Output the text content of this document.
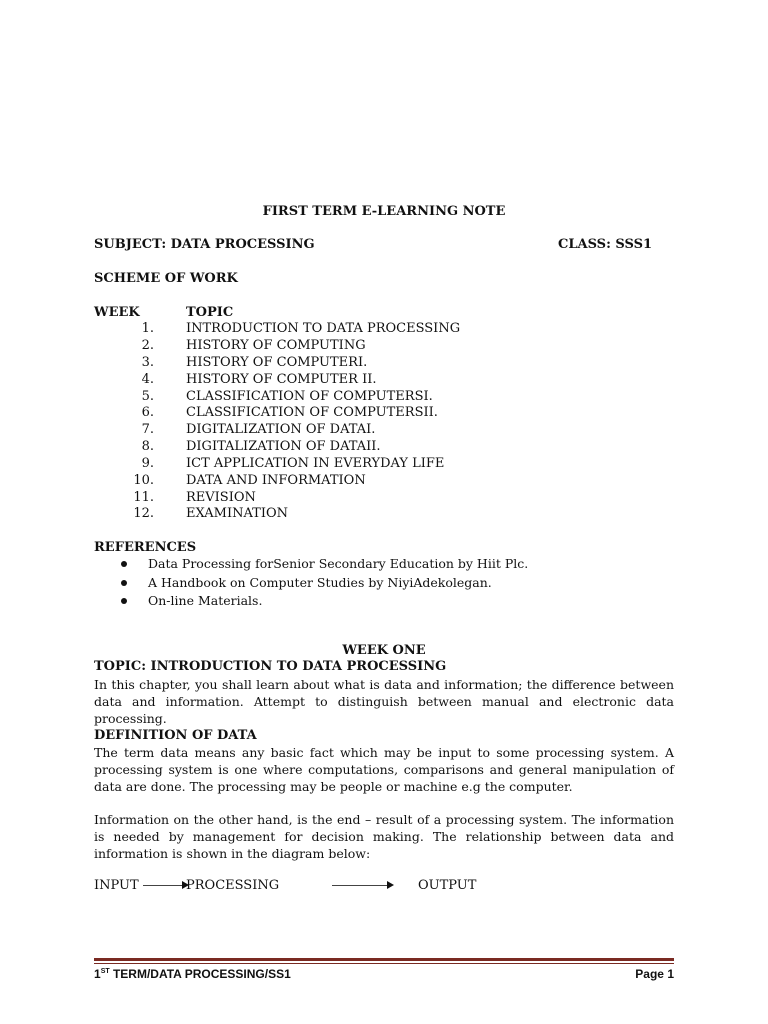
FIRST TERM E-LEARNING NOTE

SUBJECT: DATA PROCESSING	CLASS: SSS1

SCHEME OF WORK

WEEK	TOPIC

1. INTRODUCTION TO DATA PROCESSING
2. HISTORY OF COMPUTING
3. HISTORY OF COMPUTERI.
4. HISTORY OF COMPUTER II.
5. CLASSIFICATION OF COMPUTERSI.
6. CLASSIFICATION OF COMPUTERSII.
7. DIGITALIZATION OF DATAI.
8. DIGITALIZATION OF DATAII.
9. ICT APPLICATION IN EVERYDAY LIFE
10. DATA AND INFORMATION
11. REVISION
12. EXAMINATION

REFERENCES

Data Processing forSenior Secondary Education by Hiit Plc.
A Handbook on Computer Studies by NiyiAdekolegan.
On-line Materials.

WEEK ONE

TOPIC: INTRODUCTION TO DATA PROCESSING

In this chapter, you shall learn about what is data and information; the difference between data and information. Attempt to distinguish between manual and electronic data processing.

DEFINITION OF DATA

The term data means any basic fact which may be input to some processing system. A processing system is one where computations, comparisons and general manipulation of data are done. The processing may be people or machine e.g the computer.

Information on the other hand, is the end – result of a processing system. The information is needed by management for decision making. The relationship between data and information is shown in the diagram below:

INPUT	PROCESSING	OUTPUT
1ST TERM/DATA PROCESSING/SS1	Page 1
